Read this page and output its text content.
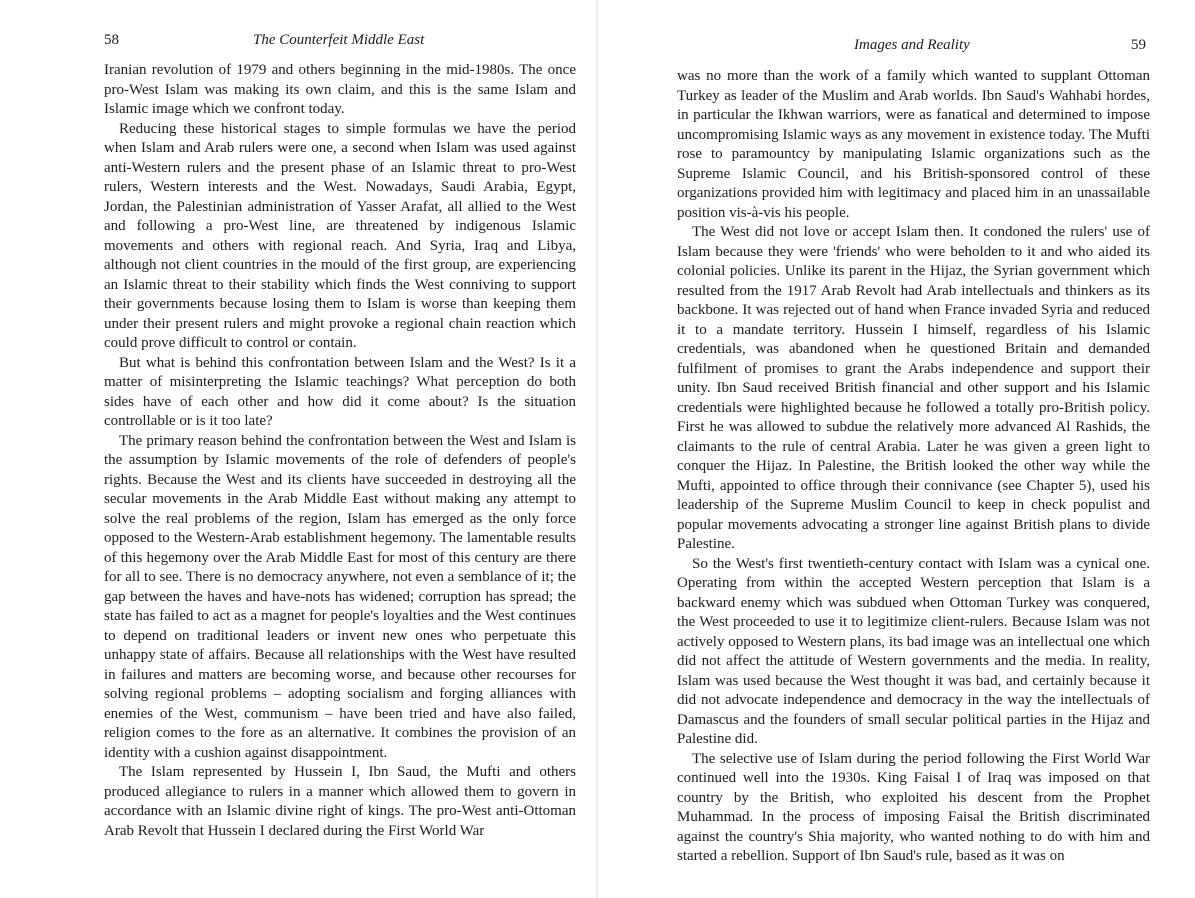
58	The Counterfeit Middle East

Iranian revolution of 1979 and others beginning in the mid-1980s. The once pro-West Islam was making its own claim, and this is the same Islam and Islamic image which we confront today.

Reducing these historical stages to simple formulas we have the period when Islam and Arab rulers were one, a second when Islam was used against anti-Western rulers and the present phase of an Islamic threat to pro-West rulers, Western interests and the West. Nowadays, Saudi Arabia, Egypt, Jordan, the Palestinian administration of Yasser Arafat, all allied to the West and following a pro-West line, are threatened by indigenous Islamic movements and others with regional reach. And Syria, Iraq and Libya, although not client countries in the mould of the first group, are experiencing an Islamic threat to their stability which finds the West conniving to support their governments because losing them to Islam is worse than keeping them under their present rulers and might provoke a regional chain reaction which could prove difficult to control or contain.

But what is behind this confrontation between Islam and the West? Is it a matter of misinterpreting the Islamic teachings? What perception do both sides have of each other and how did it come about? Is the situation controllable or is it too late?

The primary reason behind the confrontation between the West and Islam is the assumption by Islamic movements of the role of defenders of people's rights. Because the West and its clients have succeeded in destroying all the secular movements in the Arab Middle East without making any attempt to solve the real problems of the region, Islam has emerged as the only force opposed to the Western-Arab establishment hegemony. The lamentable results of this hegemony over the Arab Middle East for most of this century are there for all to see. There is no democracy anywhere, not even a semblance of it; the gap between the haves and have-nots has widened; corruption has spread; the state has failed to act as a magnet for people's loyalties and the West continues to depend on traditional leaders or invent new ones who perpetuate this unhappy state of affairs. Because all relationships with the West have resulted in failures and matters are becoming worse, and because other recourses for solving regional problems – adopting socialism and forging alliances with enemies of the West, communism – have been tried and have also failed, religion comes to the fore as an alternative. It combines the provision of an identity with a cushion against disappointment.

The Islam represented by Hussein I, Ibn Saud, the Mufti and others produced allegiance to rulers in a manner which allowed them to govern in accordance with an Islamic divine right of kings. The pro-West anti-Ottoman Arab Revolt that Hussein I declared during the First World War

Images and Reality	59

was no more than the work of a family which wanted to supplant Ottoman Turkey as leader of the Muslim and Arab worlds. Ibn Saud's Wahhabi hordes, in particular the Ikhwan warriors, were as fanatical and determined to impose uncompromising Islamic ways as any movement in existence today. The Mufti rose to paramountcy by manipulating Islamic organizations such as the Supreme Islamic Council, and his British-sponsored control of these organizations provided him with legitimacy and placed him in an unassailable position vis-à-vis his people.

The West did not love or accept Islam then. It condoned the rulers' use of Islam because they were 'friends' who were beholden to it and who aided its colonial policies. Unlike its parent in the Hijaz, the Syrian government which resulted from the 1917 Arab Revolt had Arab intellectuals and thinkers as its backbone. It was rejected out of hand when France invaded Syria and reduced it to a mandate territory. Hussein I himself, regardless of his Islamic credentials, was abandoned when he questioned Britain and demanded fulfilment of promises to grant the Arabs independence and support their unity. Ibn Saud received British financial and other support and his Islamic credentials were highlighted because he followed a totally pro-British policy. First he was allowed to subdue the relatively more advanced Al Rashids, the claimants to the rule of central Arabia. Later he was given a green light to conquer the Hijaz. In Palestine, the British looked the other way while the Mufti, appointed to office through their connivance (see Chapter 5), used his leadership of the Supreme Muslim Council to keep in check populist and popular movements advocating a stronger line against British plans to divide Palestine.

So the West's first twentieth-century contact with Islam was a cynical one. Operating from within the accepted Western perception that Islam is a backward enemy which was subdued when Ottoman Turkey was conquered, the West proceeded to use it to legitimize client-rulers. Because Islam was not actively opposed to Western plans, its bad image was an intellectual one which did not affect the attitude of Western governments and the media. In reality, Islam was used because the West thought it was bad, and certainly because it did not advocate independence and democracy in the way the intellectuals of Damascus and the founders of small secular political parties in the Hijaz and Palestine did.

The selective use of Islam during the period following the First World War continued well into the 1930s. King Faisal I of Iraq was imposed on that country by the British, who exploited his descent from the Prophet Muhammad. In the process of imposing Faisal the British discriminated against the country's Shia majority, who wanted nothing to do with him and started a rebellion. Support of Ibn Saud's rule, based as it was on
